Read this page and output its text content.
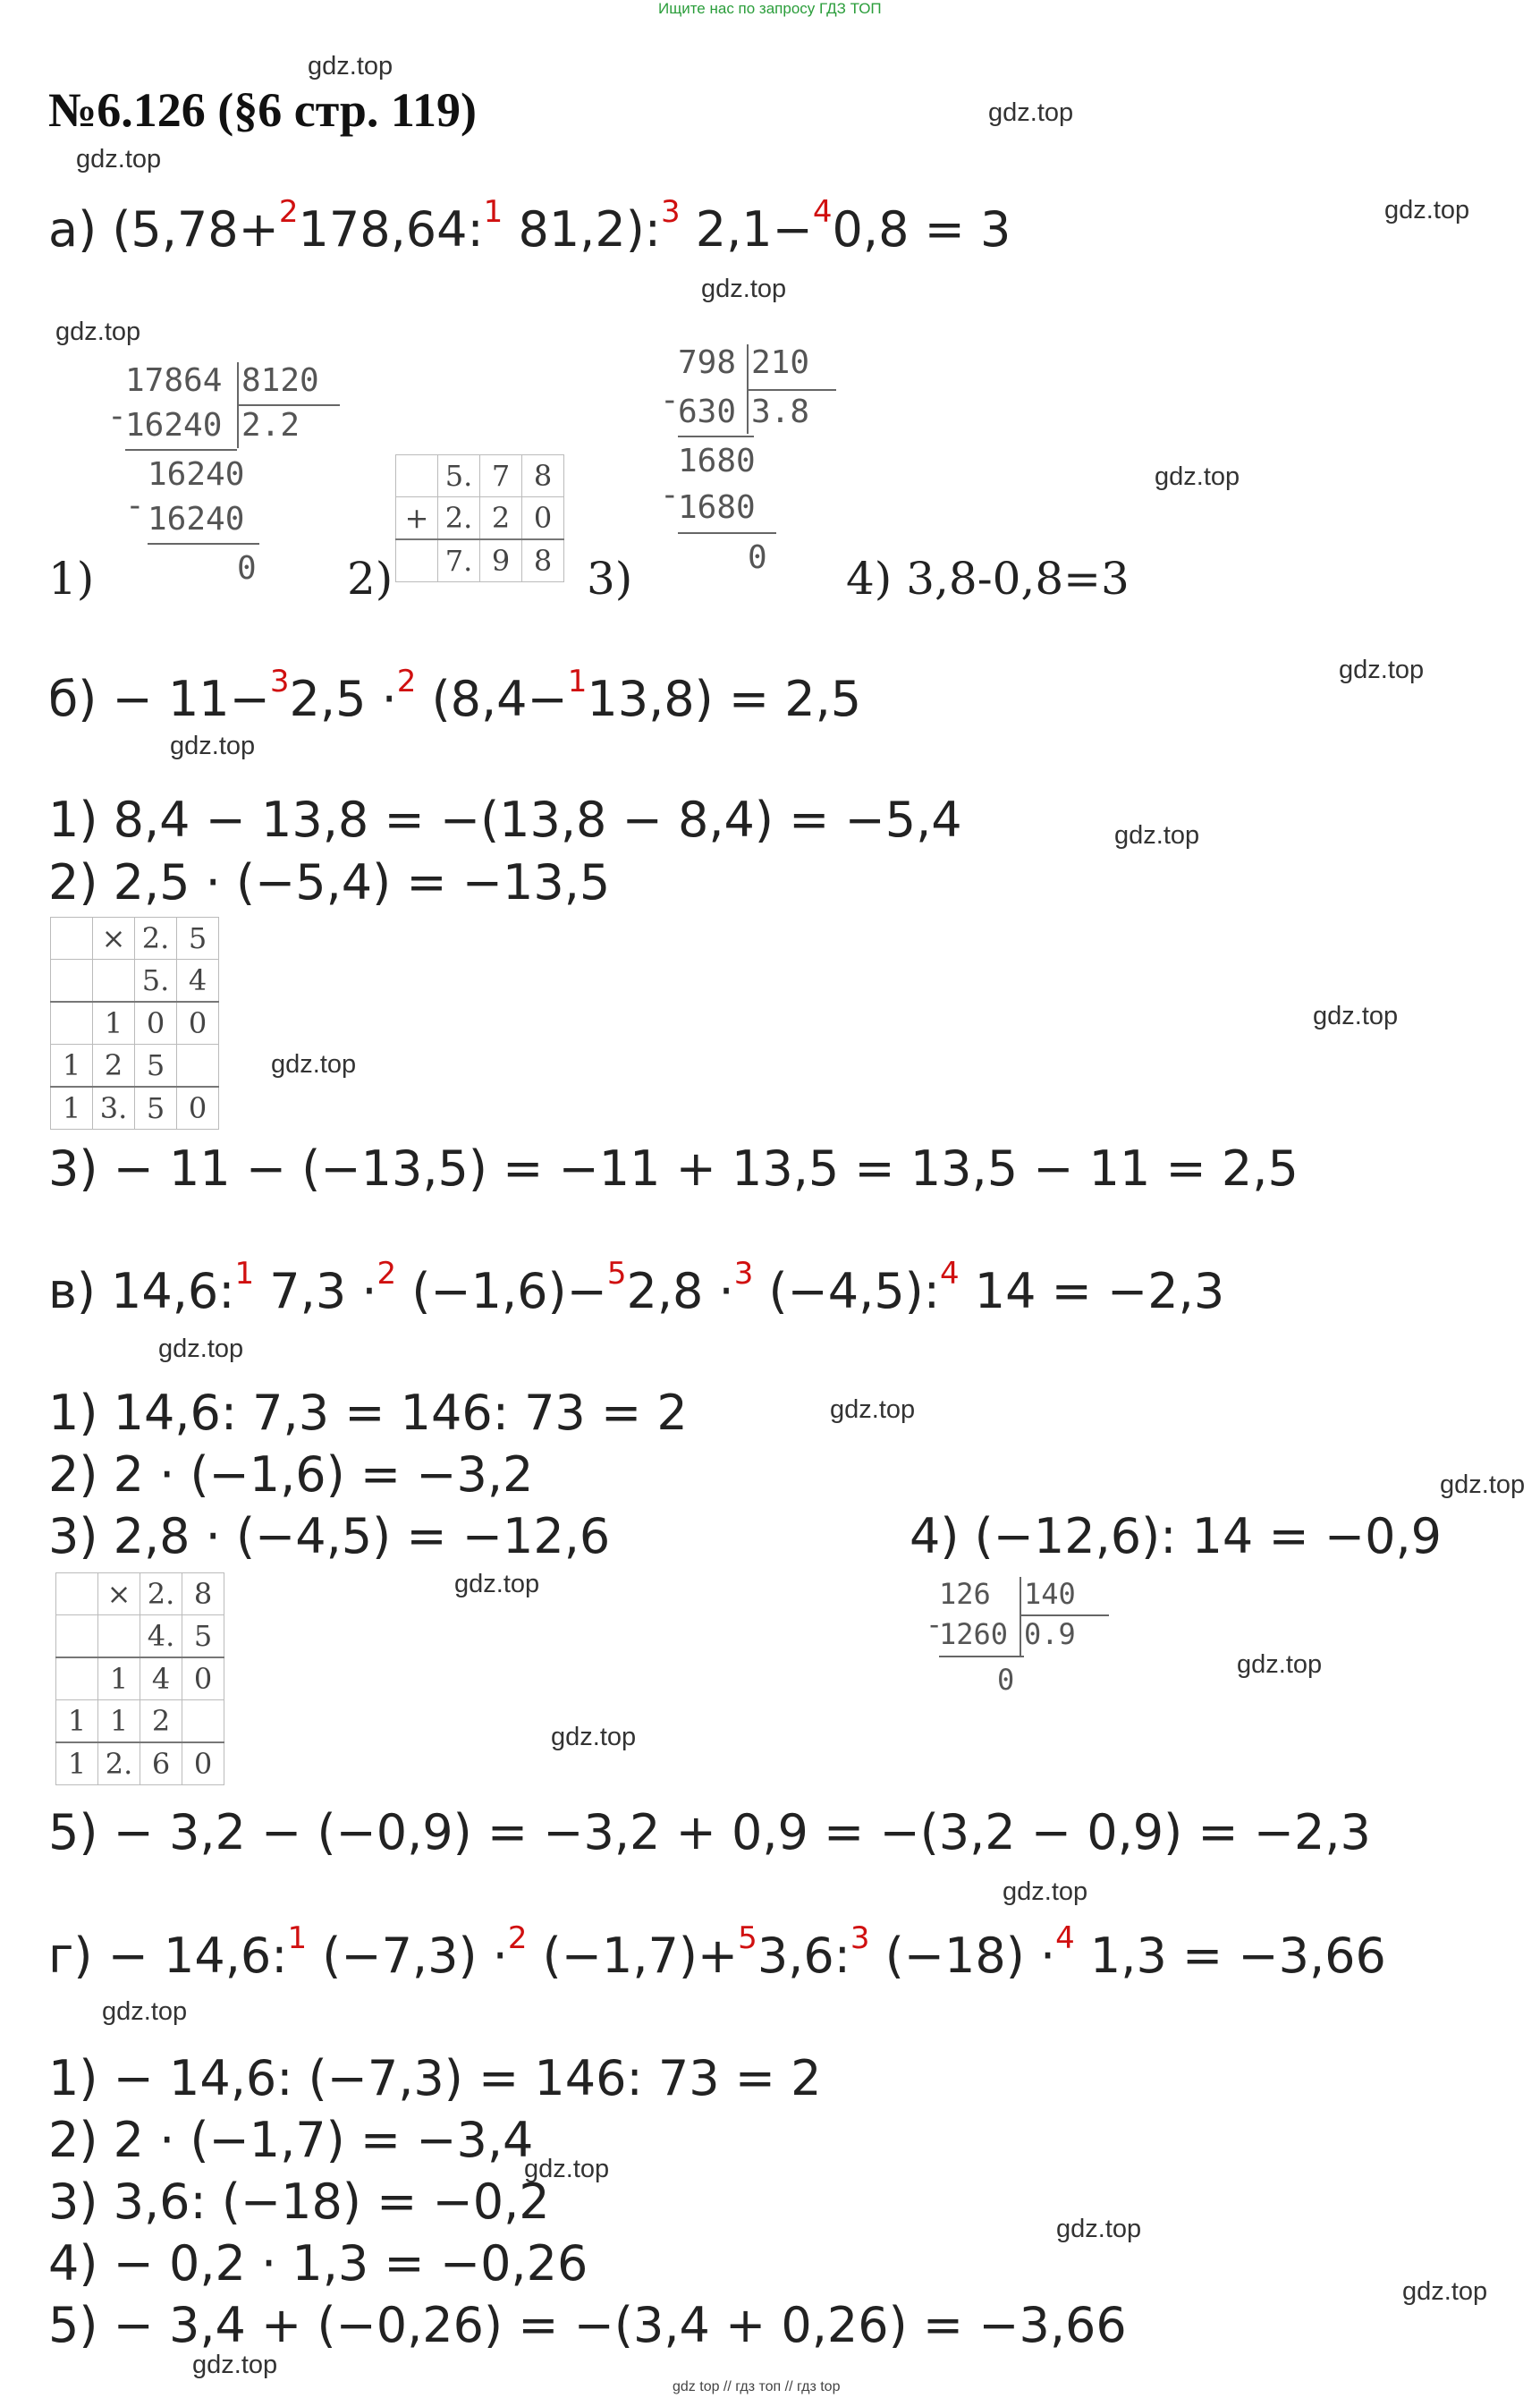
Ищите нас по запросу ГДЗ ТОП
gdz top // гдз топ // гдз top
№6.126 (§6 стр. 119)
gdz.top
gdz.top
gdz.top
gdz.top
gdz.top
gdz.top
gdz.top
gdz.top
gdz.top
gdz.top
gdz.top
gdz.top
gdz.top
gdz.top
gdz.top
gdz.top
gdz.top
gdz.top
gdz.top
gdz.top
gdz.top
gdz.top
gdz.top
gdz.top
а) (5,78+$^2$178,64:$^1$ 81,2):$^3$ 2,1−$^4$0,8 = 3
17864 8120
-
16240 2.2
16240
- 16240
0
	5.	7	8
+	2.	2	0
	7.	9	8
798 210
-
630 3.8
1680
-
1680
0
1)	2)	3)	4) 3,8-0,8=3
б) − 11−$^3$2,5 ·$^2$ (8,4−$^1$13,8) = 2,5
1) 8,4 − 13,8 = −(13,8 − 8,4) = −5,4
2) 2,5 · (−5,4) = −13,5
	×	2.	5
		5.	4
	1	0	0
1	2	5	
1	3.	5	0
3) − 11 − (−13,5) = −11 + 13,5 = 13,5 − 11 = 2,5
в) 14,6:$^1$ 7,3 ·$^2$ (−1,6)−$^5$2,8 ·$^3$ (−4,5):$^4$ 14 = −2,3
1) 14,6: 7,3 = 146: 73 = 2
2) 2 · (−1,6) = −3,2
3) 2,8 · (−4,5) = −12,6	4) (−12,6): 14 = −0,9
	×	2.	8
		4.	5
	1	4	0
1	1	2	
1	2.	6	0
126 140
-
1260 0.9
0
5) − 3,2 − (−0,9) = −3,2 + 0,9 = −(3,2 − 0,9) = −2,3
г) − 14,6:$^1$ (−7,3) ·$^2$ (−1,7)+$^5$3,6:$^3$ (−18) ·$^4$ 1,3 = −3,66
1) − 14,6: (−7,3) = 146: 73 = 2
2) 2 · (−1,7) = −3,4
3) 3,6: (−18) = −0,2
4) − 0,2 · 1,3 = −0,26
5) − 3,4 + (−0,26) = −(3,4 + 0,26) = −3,66
